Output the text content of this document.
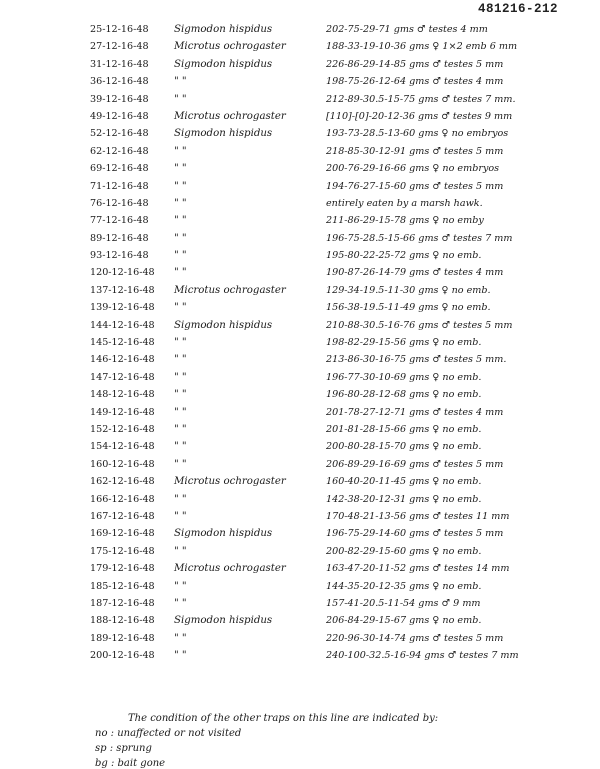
481216-212
25-12-16-48	Sigmodon hispidus	202-75-29-71 gms ♂ testes 4 mm
27-12-16-48	Microtus ochrogaster	188-33-19-10-36 gms ♀ 1×2 emb 6 mm
31-12-16-48	Sigmodon hispidus	226-86-29-14-85 gms ♂ testes 5 mm
36-12-16-48	" "	198-75-26-12-64 gms ♂ testes 4 mm
39-12-16-48	" "	212-89-30.5-15-75 gms ♂ testes 7 mm.
49-12-16-48	Microtus ochrogaster	[110]-[0]-20-12-36 gms ♂ testes 9 mm
52-12-16-48	Sigmodon hispidus	193-73-28.5-13-60 gms ♀ no embryos
62-12-16-48	" "	218-85-30-12-91 gms ♂ testes 5 mm
69-12-16-48	" "	200-76-29-16-66 gms ♀ no embryos
71-12-16-48	" "	194-76-27-15-60 gms ♂ testes 5 mm
76-12-16-48	" "	entirely eaten by a marsh hawk.
77-12-16-48	" "	211-86-29-15-78 gms ♀ no emby
89-12-16-48	" "	196-75-28.5-15-66 gms ♂ testes 7 mm
93-12-16-48	" "	195-80-22-25-72 gms ♀ no emb.
120-12-16-48	" "	190-87-26-14-79 gms ♂ testes 4 mm
137-12-16-48	Microtus ochrogaster	129-34-19.5-11-30 gms ♀ no emb.
139-12-16-48	" "	156-38-19.5-11-49 gms ♀ no emb.
144-12-16-48	Sigmodon hispidus	210-88-30.5-16-76 gms ♂ testes 5 mm
145-12-16-48	" "	198-82-29-15-56 gms ♀ no emb.
146-12-16-48	" "	213-86-30-16-75 gms ♂ testes 5 mm.
147-12-16-48	" "	196-77-30-10-69 gms ♀ no emb.
148-12-16-48	" "	196-80-28-12-68 gms ♀ no emb.
149-12-16-48	" "	201-78-27-12-71 gms ♂ testes 4 mm
152-12-16-48	" "	201-81-28-15-66 gms ♀ no emb.
154-12-16-48	" "	200-80-28-15-70 gms ♀ no emb.
160-12-16-48	" "	206-89-29-16-69 gms ♂ testes 5 mm
162-12-16-48	Microtus ochrogaster	160-40-20-11-45 gms ♀ no emb.
166-12-16-48	" "	142-38-20-12-31 gms ♀ no emb.
167-12-16-48	" "	170-48-21-13-56 gms ♂ testes 11 mm
169-12-16-48	Sigmodon hispidus	196-75-29-14-60 gms ♂ testes 5 mm
175-12-16-48	" "	200-82-29-15-60 gms ♀ no emb.
179-12-16-48	Microtus ochrogaster	163-47-20-11-52 gms ♂ testes 14 mm
185-12-16-48	" "	144-35-20-12-35 gms ♀ no emb.
187-12-16-48	" "	157-41-20.5-11-54 gms ♂ 9 mm
188-12-16-48	Sigmodon hispidus	206-84-29-15-67 gms ♀ no emb.
189-12-16-48	" "	220-96-30-14-74 gms ♂ testes 5 mm
200-12-16-48	" "	240-100-32.5-16-94 gms ♂ testes 7 mm
The condition of the other traps on this line are indicated by:
no : unaffected or not visited
sp : sprung
bg : bait gone
